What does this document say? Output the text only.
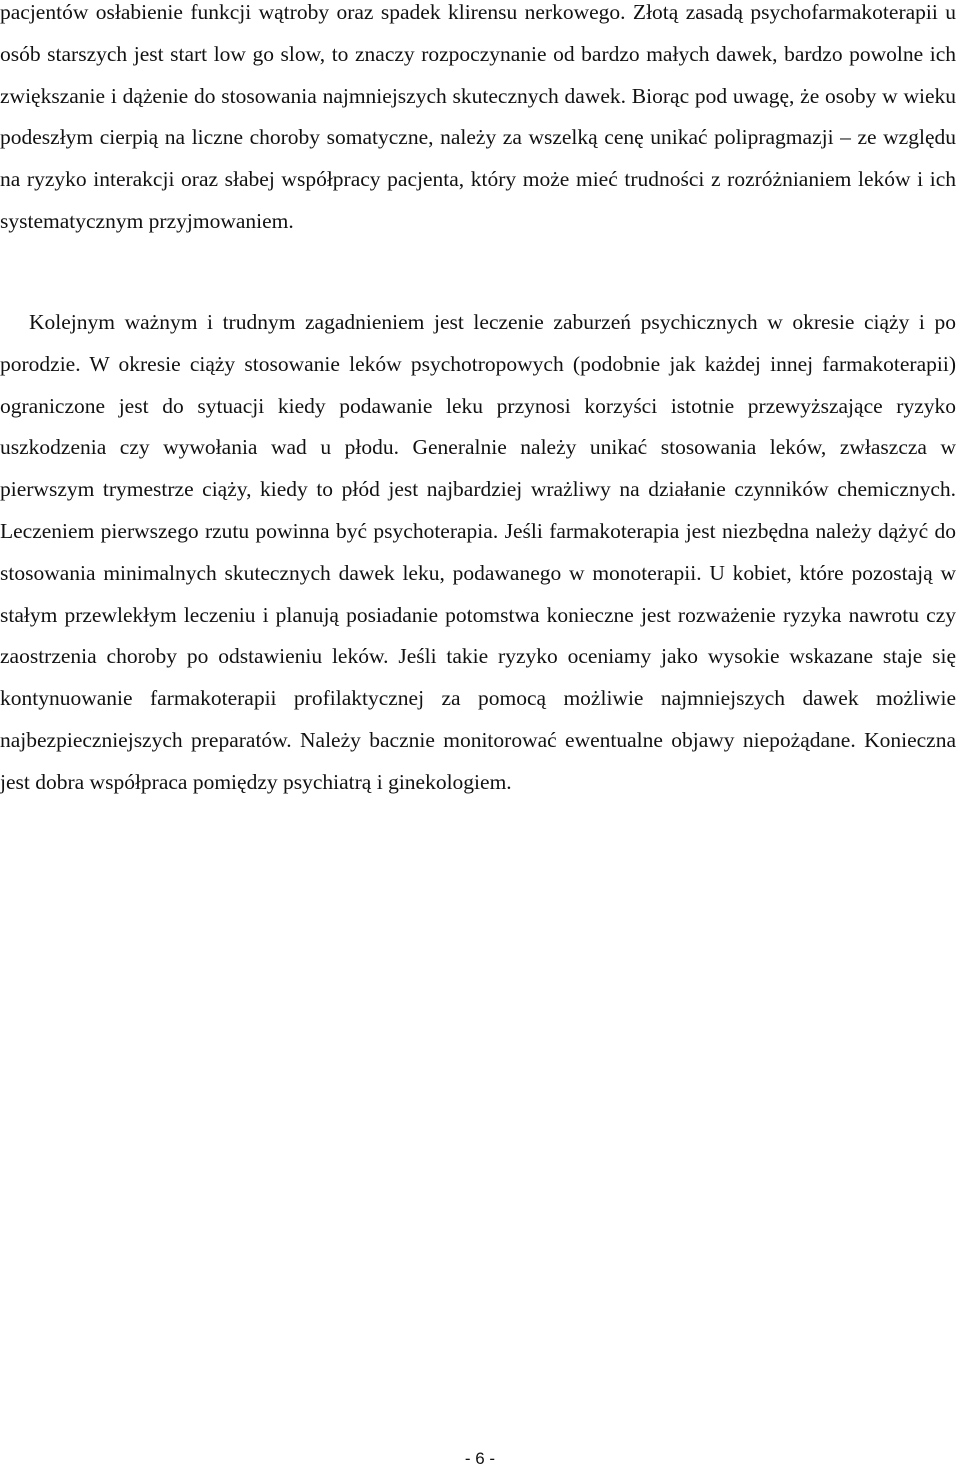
pacjentów osłabienie funkcji wątroby oraz spadek klirensu nerkowego. Złotą zasadą psychofarmakoterapii u osób starszych jest start low go slow, to znaczy rozpoczynanie od bardzo małych dawek, bardzo powolne ich zwiększanie i dążenie do stosowania najmniejszych skutecznych dawek. Biorąc pod uwagę, że osoby w wieku podeszłym cierpią na liczne choroby somatyczne, należy za wszelką cenę unikać polipragmazji – ze względu na ryzyko interakcji oraz słabej współpracy pacjenta, który może mieć trudności z rozróżnianiem leków i ich systematycznym przyjmowaniem.

Kolejnym ważnym i trudnym zagadnieniem jest leczenie zaburzeń psychicznych w okresie ciąży i po porodzie. W okresie ciąży stosowanie leków psychotropowych (podobnie jak każdej innej farmakoterapii) ograniczone jest do sytuacji kiedy podawanie leku przynosi korzyści istotnie przewyższające ryzyko uszkodzenia czy wywołania wad u płodu. Generalnie należy unikać stosowania leków, zwłaszcza w pierwszym trymestrze ciąży, kiedy to płód jest najbardziej wrażliwy na działanie czynników chemicznych. Leczeniem pierwszego rzutu powinna być psychoterapia. Jeśli farmakoterapia jest niezbędna należy dążyć do stosowania minimalnych skutecznych dawek leku, podawanego w monoterapii. U kobiet, które pozostają w stałym przewlekłym leczeniu i planują posiadanie potomstwa konieczne jest rozważenie ryzyka nawrotu czy zaostrzenia choroby po odstawieniu leków. Jeśli takie ryzyko oceniamy jako wysokie wskazane staje się kontynuowanie farmakoterapii profilaktycznej za pomocą możliwie najmniejszych dawek możliwie najbezpieczniejszych preparatów. Należy bacznie monitorować ewentualne objawy niepożądane. Konieczna jest dobra współpraca pomiędzy psychiatrą i ginekologiem.

- 6 -
